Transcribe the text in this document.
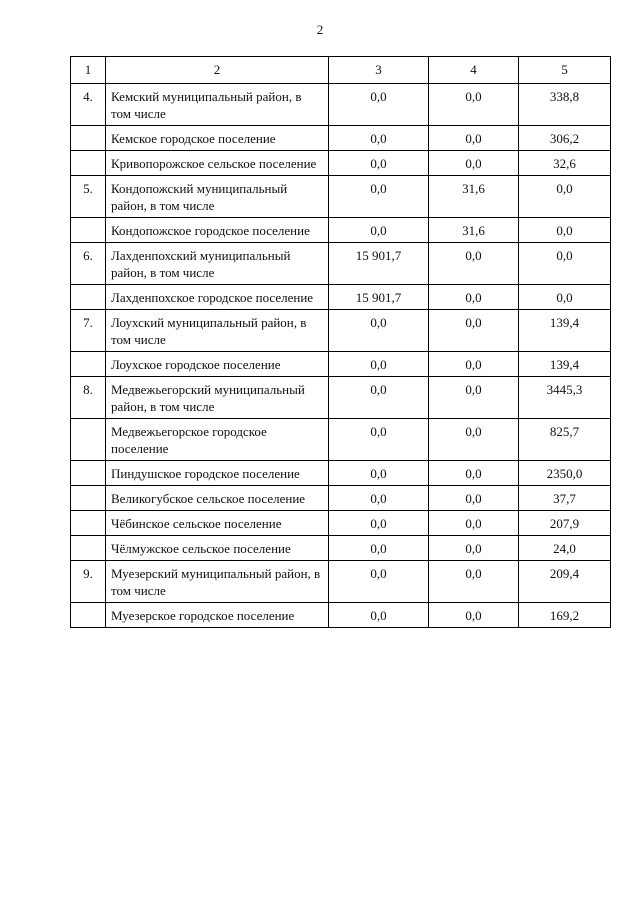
2
1	2	3	4	5
4.	Кемский муниципальный район, в том числе	0,0	0,0	338,8
	Кемское городское поселение	0,0	0,0	306,2
	Кривопорожское сельское поселение	0,0	0,0	32,6
5.	Кондопожский муниципальный район, в том числе	0,0	31,6	0,0
	Кондопожское городское поселение	0,0	31,6	0,0
6.	Лахденпохский муниципальный район, в том числе	15 901,7	0,0	0,0
	Лахденпохское городское поселение	15 901,7	0,0	0,0
7.	Лоухский муниципальный район, в том числе	0,0	0,0	139,4
	Лоухское городское поселение	0,0	0,0	139,4
8.	Медвежьегорский муниципальный район, в том числе	0,0	0,0	3445,3
	Медвежьегорское городское поселение	0,0	0,0	825,7
	Пиндушское городское поселение	0,0	0,0	2350,0
	Великогубское сельское поселение	0,0	0,0	37,7
	Чёбинское сельское поселение	0,0	0,0	207,9
	Чёлмужское сельское поселение	0,0	0,0	24,0
9.	Муезерский муниципальный район, в том числе	0,0	0,0	209,4
	Муезерское городское поселение	0,0	0,0	169,2
